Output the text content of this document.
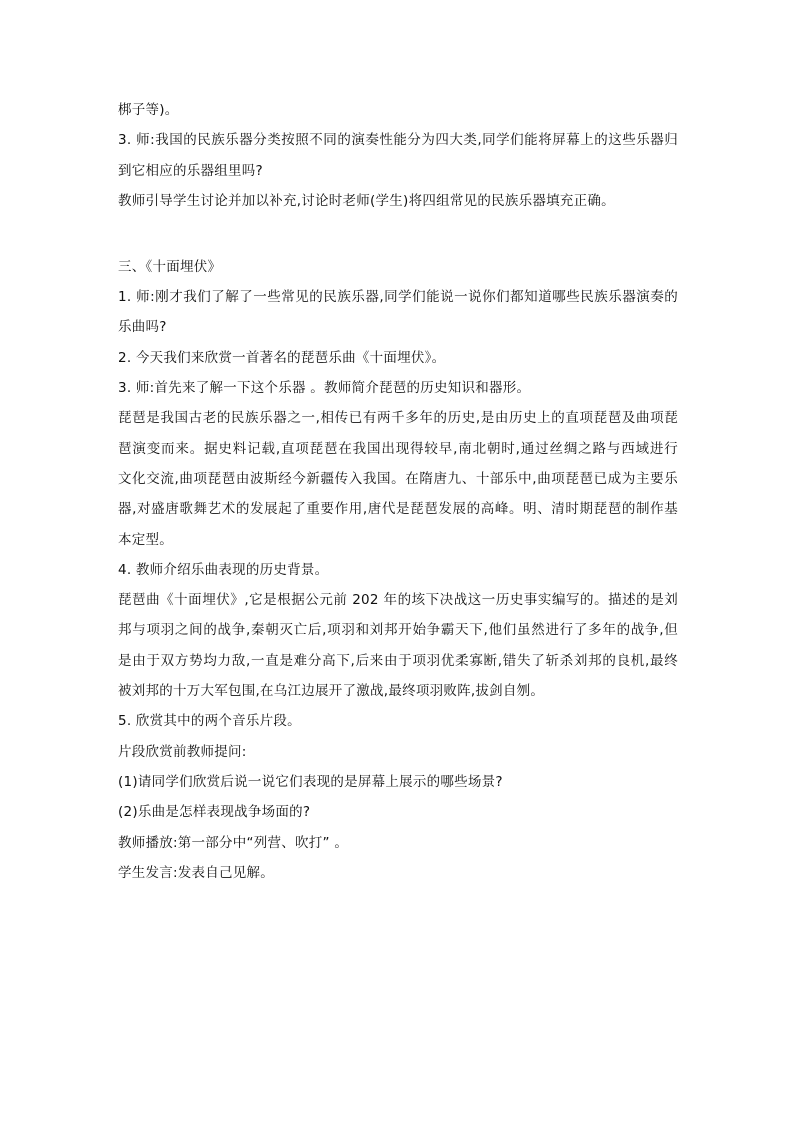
梆子等)。

3. 师:我国的民族乐器分类按照不同的演奏性能分为四大类,同学们能将屏幕上的这些乐器归

到它相应的乐器组里吗?

教师引导学生讨论并加以补充,讨论时老师(学生)将四组常见的民族乐器填充正确。

三、《十面埋伏》

1. 师:刚才我们了解了一些常见的民族乐器,同学们能说一说你们都知道哪些民族乐器演奏的

乐曲吗?

2. 今天我们来欣赏一首著名的琵琶乐曲《十面埋伏》。

3. 师:首先来了解一下这个乐器 。教师简介琵琶的历史知识和器形。

琵琶是我国古老的民族乐器之一,相传已有两千多年的历史,是由历史上的直项琵琶及曲项琵

琶演变而来。据史料记载,直项琵琶在我国出现得较早,南北朝时,通过丝绸之路与西域进行

文化交流,曲项琵琶由波斯经今新疆传入我国。在隋唐九、十部乐中,曲项琵琶已成为主要乐

器,对盛唐歌舞艺术的发展起了重要作用,唐代是琵琶发展的高峰。明、清时期琵琶的制作基

本定型。

4. 教师介绍乐曲表现的历史背景。

琵琶曲《十面埋伏》,它是根据公元前 202 年的垓下决战这一历史事实编写的。描述的是刘

邦与项羽之间的战争,秦朝灭亡后,项羽和刘邦开始争霸天下,他们虽然进行了多年的战争,但

是由于双方势均力敌,一直是难分高下,后来由于项羽优柔寡断,错失了斩杀刘邦的良机,最终

被刘邦的十万大军包围,在乌江边展开了激战,最终项羽败阵,拔剑自刎。

5. 欣赏其中的两个音乐片段。

片段欣赏前教师提问:

(1)请同学们欣赏后说一说它们表现的是屏幕上展示的哪些场景?

(2)乐曲是怎样表现战争场面的?

教师播放:第一部分中“列营、吹打” 。

学生发言:发表自己见解。
